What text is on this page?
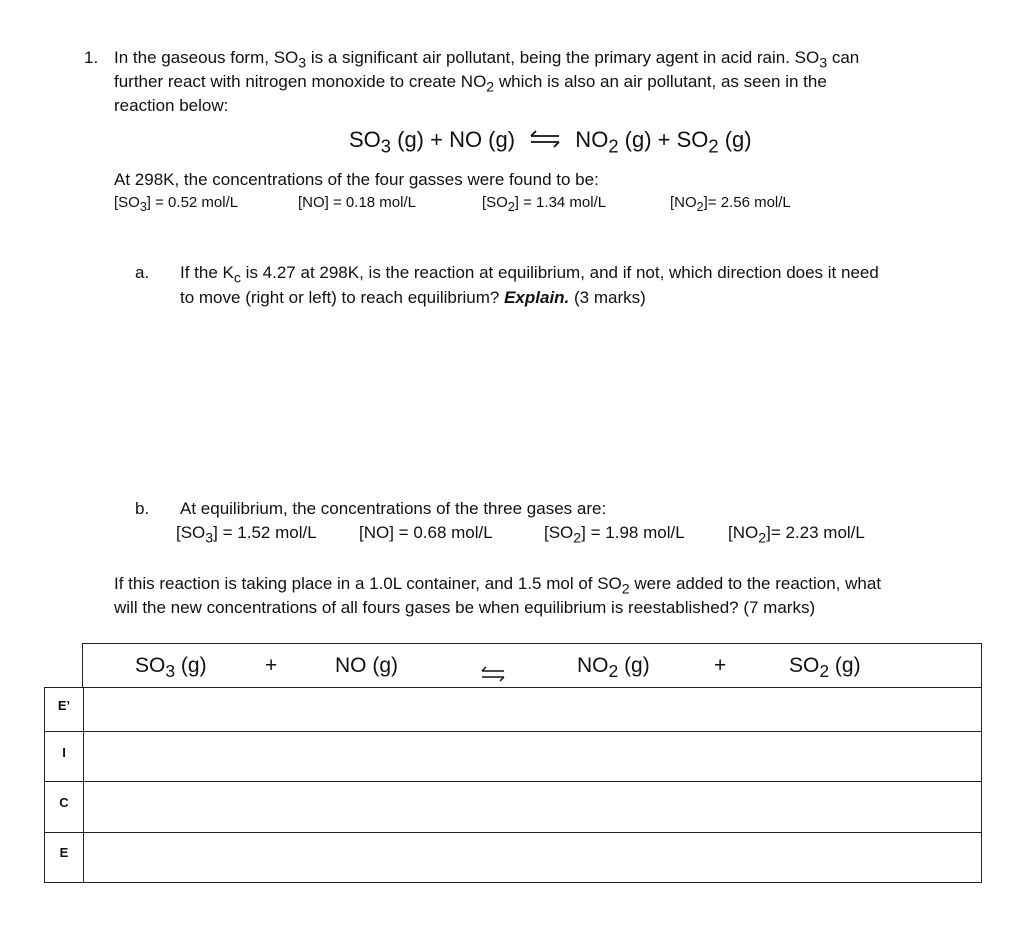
1. In the gaseous form, $SO_3$ is a significant air pollutant, being the primary agent in acid rain. $SO_3$ can
further react with nitrogen monoxide to create $NO_2$ which is also an air pollutant, as seen in the
reaction below:
$SO_3$ (g) + NO (g) ⇌ $NO_2$ $(g) + SO_2$ (g)
At 298K, the concentrations of the four gasses were found to be:
$[SO_3] = 0.52$ mol/L	[NO] = 0.18 mol/L	$[SO_2] = 1.34$ mol/L	$[NO_2]= 2.56$ mol/L
a. If the $K_c$ is 4.27 at 298K, is the reaction at equilibrium, and if not, which direction does it need
to move (right or left) to reach equilibrium? Explain. (3 marks)
b. At equilibrium, the concentrations of the three gases are:
$[SO_3] = 1.52$ mol/L [NO] = 0.68 mol/L	$[SO_2] = 1.98$ mol/L	$[NO_2]= 2.23$ mol/L
If this reaction is taking place in a 1.0L container, and 1.5 mol of $SO_2$ were added to the reaction, what
will the new concentrations of all fours gases be when equilibrium is reestablished? (7 marks)
$SO_3$ (g)	+	NO (g)	$NO_2$ (g)	+	$SO_2$ (g)
E’
I
C
E
